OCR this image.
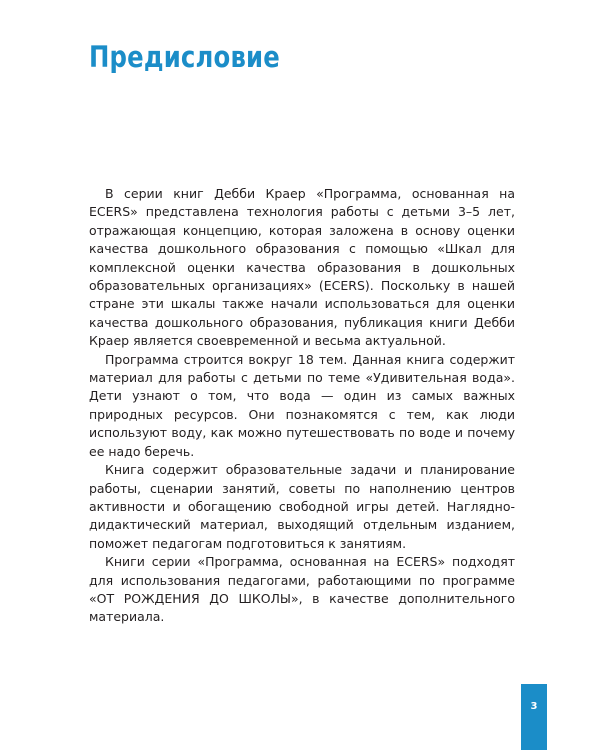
Предисловие

В серии книг Дебби Краер «Программа, основанная на ECERS» представлена технология работы с детьми 3–5 лет, отражающая концепцию, которая заложена в основу оценки качества дошкольного образования с помощью «Шкал для комплексной оценки качества образования в дошкольных образовательных организациях» (ECERS). Поскольку в нашей стране эти шкалы также начали использоваться для оценки качества дошкольного образования, публикация книги Дебби Краер является своевременной и весьма актуальной.

Программа строится вокруг 18 тем. Данная книга содержит материал для работы с детьми по теме «Удивительная вода». Дети узнают о том, что вода — один из самых важных природных ресурсов. Они познакомятся с тем, как люди используют воду, как можно путешествовать по воде и почему ее надо беречь.

Книга содержит образовательные задачи и планирование работы, сценарии занятий, советы по наполнению центров активности и обогащению свободной игры детей. Наглядно-дидактический материал, выходящий отдельным изданием, поможет педагогам подготовиться к занятиям.

Книги серии «Программа, основанная на ECERS» подходят для использования педагогами, работающими по программе «ОТ РОЖДЕНИЯ ДО ШКОЛЫ», в качестве дополнительного материала.

3
